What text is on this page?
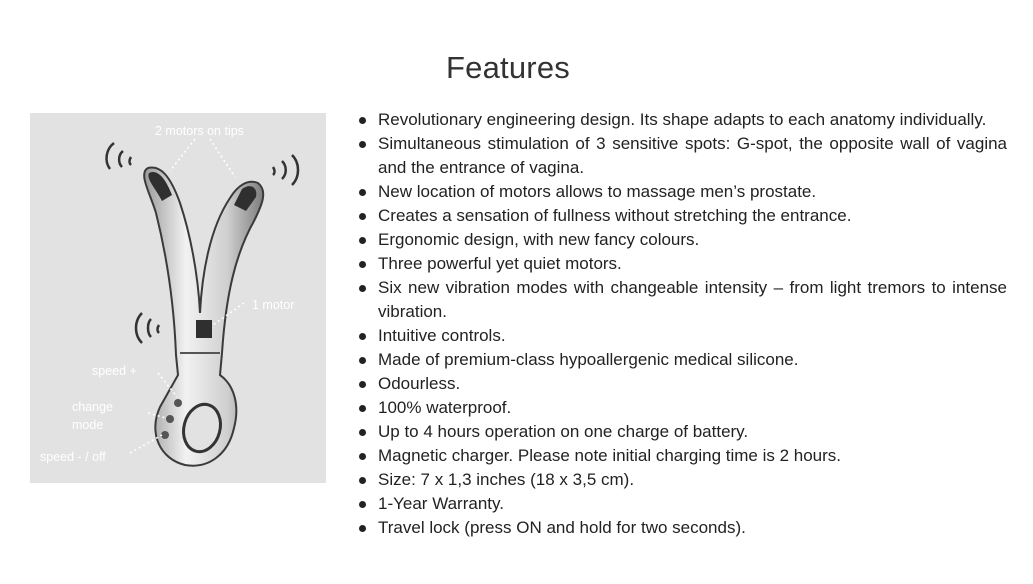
Features
2 motors on tips
1 motor
speed +
change mode
speed - / off
Revolutionary engineering design. Its shape adapts to each anatomy individually.
Simultaneous stimulation of 3 sensitive spots: G-spot, the opposite wall of vagina and the entrance of vagina.
New location of motors allows to massage men’s prostate.
Creates a sensation of fullness without stretching the entrance.
Ergonomic design, with new fancy colours.
Three powerful yet quiet motors.
Six new vibration modes with changeable intensity – from light tremors to intense vibration.
Intuitive controls.
Made of premium-class hypoallergenic medical silicone.
Odourless.
100% waterproof.
Up to 4 hours operation on one charge of battery.
Magnetic charger. Please note initial charging time is 2 hours.
Size: 7 x 1,3 inches (18 x 3,5 cm).
1-Year Warranty.
Travel lock (press ON and hold for two seconds).
